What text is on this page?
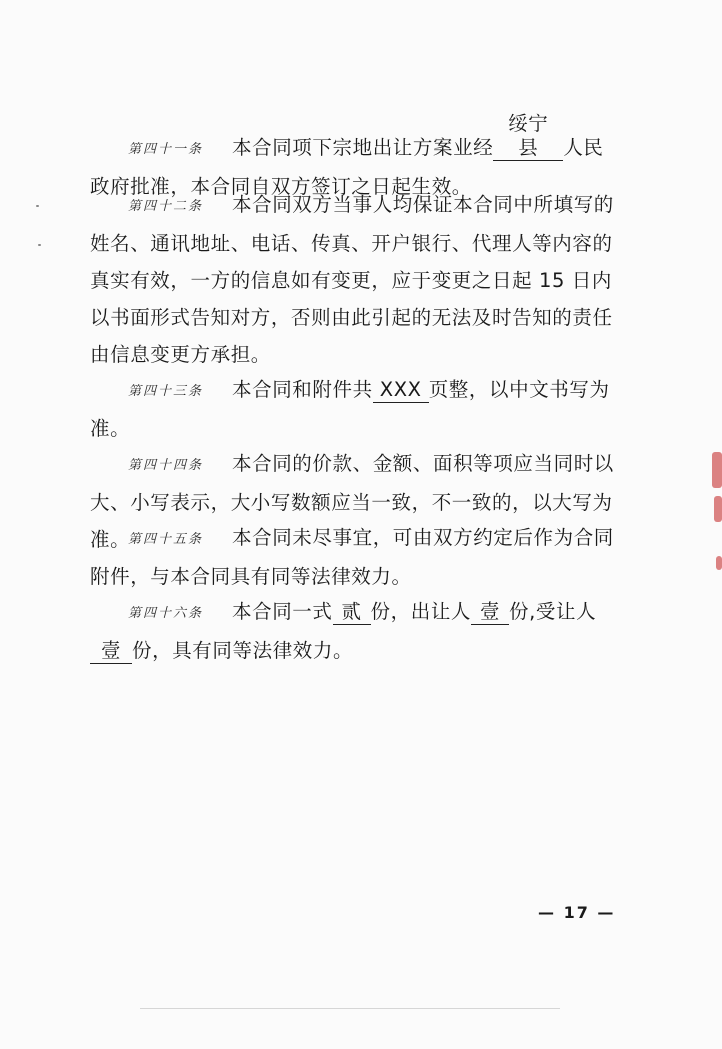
第四十一条 本合同项下宗地出让方案业经绥宁县 人民政府批准，本合同自双方签订之日起生效。

第四十二条 本合同双方当事人均保证本合同中所填写的姓名、通讯地址、电话、传真、开户银行、代理人等内容的真实有效，一方的信息如有变更，应于变更之日起 15 日内以书面形式告知对方，否则由此引起的无法及时告知的责任由信息变更方承担。

第四十三条 本合同和附件共 XXX 页整，以中文书写为准。

第四十四条 本合同的价款、金额、面积等项应当同时以大、小写表示，大小写数额应当一致，不一致的，以大写为准。

第四十五条 本合同未尽事宜，可由双方约定后作为合同附件，与本合同具有同等法律效力。

第四十六条 本合同一式 贰 份，出让人 壹 份,受让人壹 份，具有同等法律效力。

— 17 —
